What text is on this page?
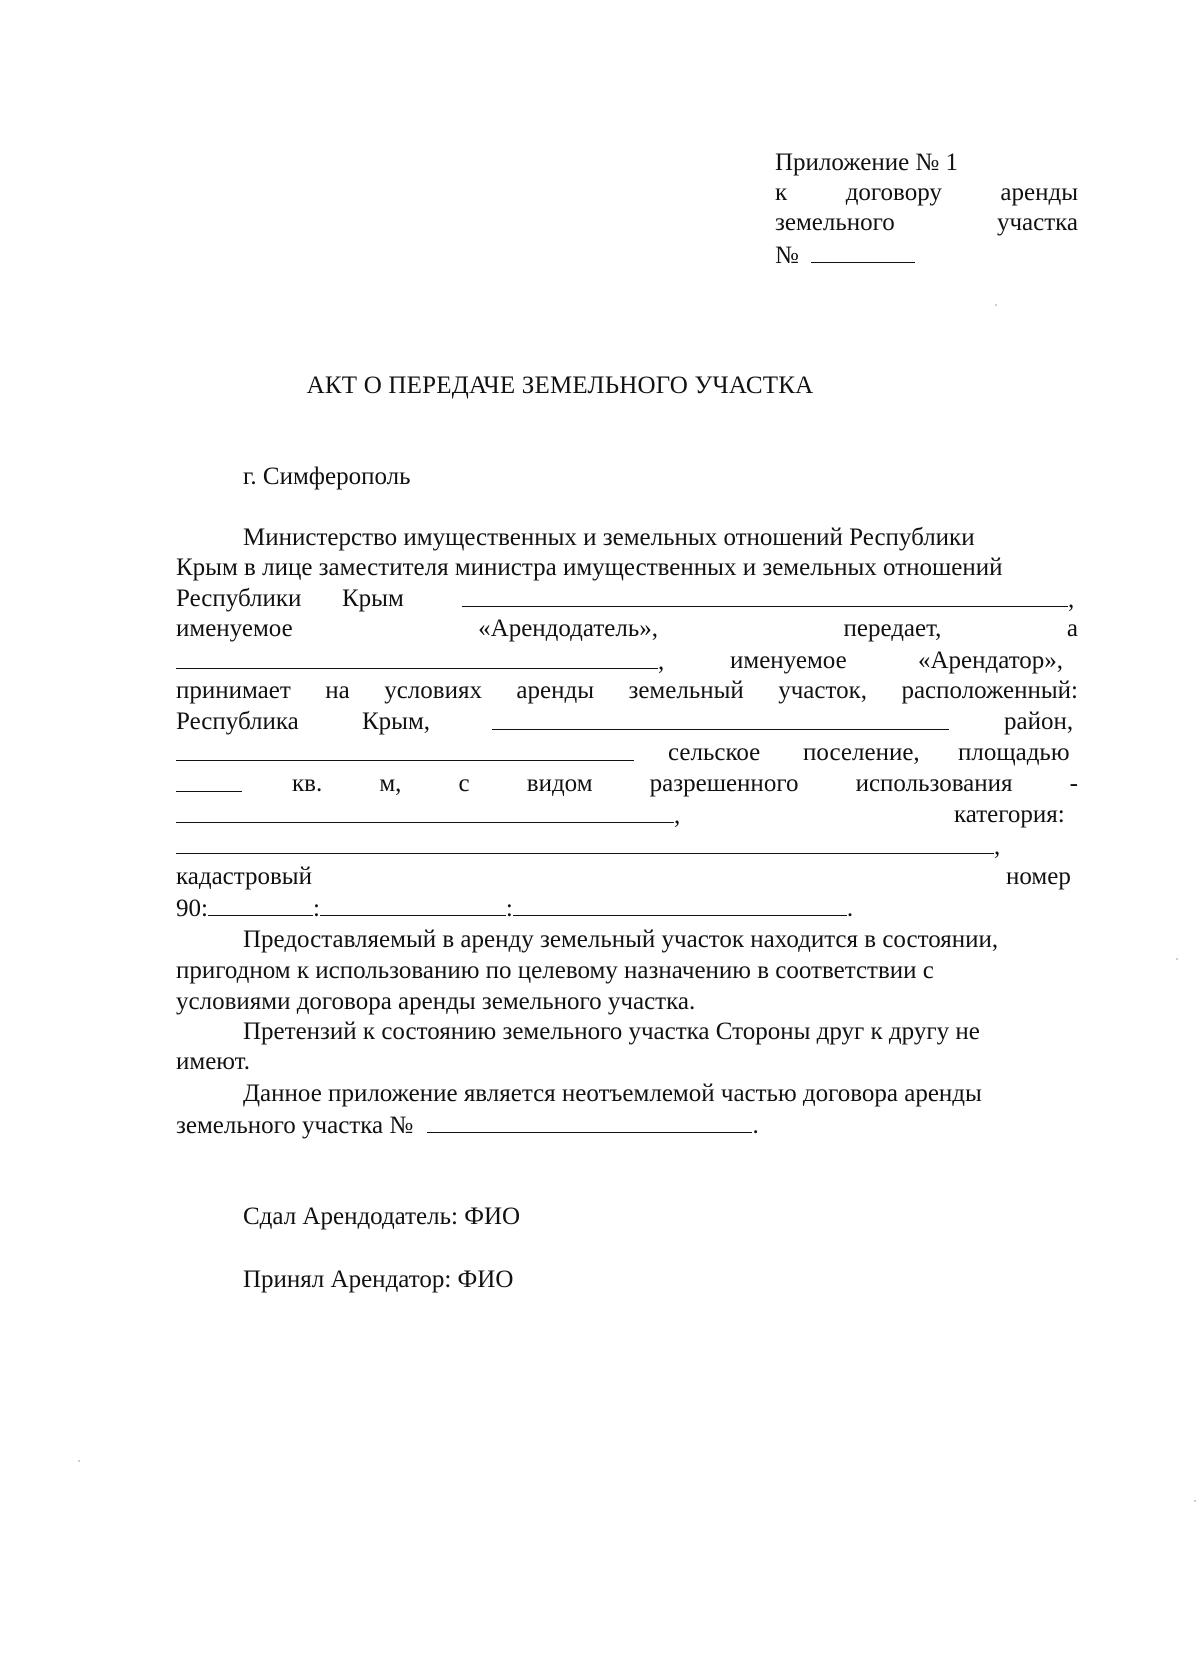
Приложение № 1
к договору аренды
земельного	участка
№
АКТ О ПЕРЕДАЧЕ ЗЕМЕЛЬНОГО УЧАСТКА
г. Симферополь
Министерство имущественных и земельных отношений Республики
Крым в лице заместителя министра имущественных и земельных отношений
Республики Крым	,
именуемое	«Арендодатель»,	передает,	а
,	именуемое	«Арендатор»,
принимает на условиях аренды земельный участок, расположенный:
Республика	Крым,	район,
сельское поселение, площадью
кв. м, с видом разрешенного использования -
,	категория:
,
кадастровый	номер
90:	:	:	.
Предоставляемый в аренду земельный участок находится в состоянии,
пригодном к использованию по целевому назначению в соответствии с
условиями договора аренды земельного участка.
Претензий к состоянию земельного участка Стороны друг к другу не
имеют.
Данное приложение является неотъемлемой частью договора аренды
земельного участка №	.
Сдал Арендодатель: ФИО
Принял Арендатор: ФИО
